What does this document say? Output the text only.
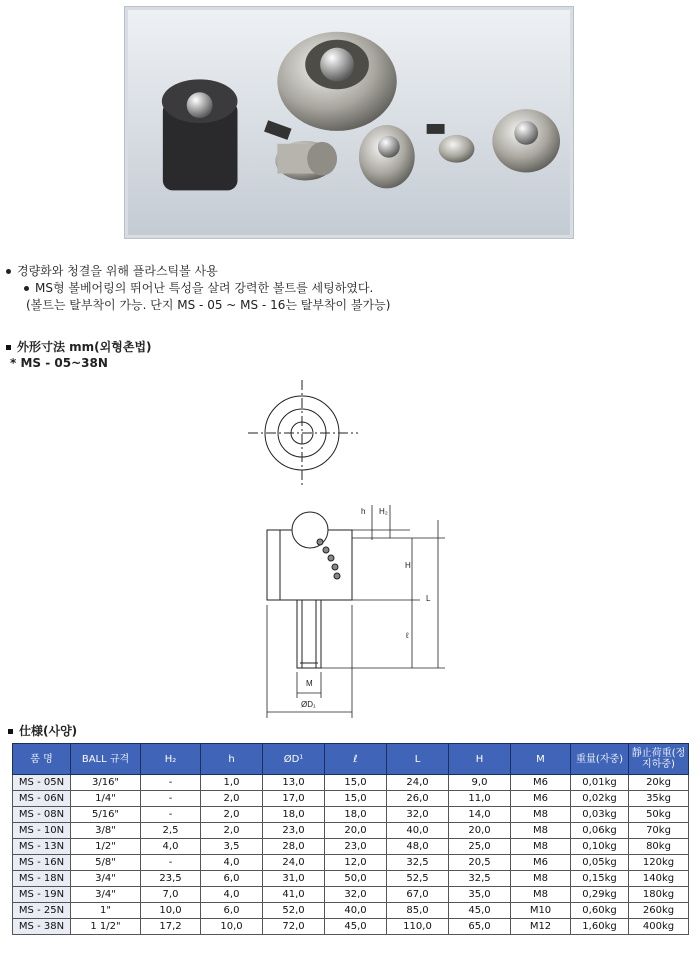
경량화와 청결을 위해 플라스틱볼 사용
MS형 볼베어링의 뛰어난 특성을 살려 강력한 볼트를 세팅하였다.
(볼트는 탈부착이 가능. 단지 MS - 05 ~ MS - 16는 탈부착이 불가능)
外形寸法 mm(외형촌법)
* MS - 05~38N
h H₂
H
L
ℓ
M
ØD₁
仕様(사양)
품 명	BALL 규격	H₂	h	ØD¹	ℓ	L	H	M	重量(자중)	靜止荷重(정지하중)
MS - 05N	3/16"	-	1,0	13,0	15,0	24,0	9,0	M6	0,01kg	20kg
MS - 06N	1/4"	-	2,0	17,0	15,0	26,0	11,0	M6	0,02kg	35kg
MS - 08N	5/16"	-	2,0	18,0	18,0	32,0	14,0	M8	0,03kg	50kg
MS - 10N	3/8"	2,5	2,0	23,0	20,0	40,0	20,0	M8	0,06kg	70kg
MS - 13N	1/2"	4,0	3,5	28,0	23,0	48,0	25,0	M8	0,10kg	80kg
MS - 16N	5/8"	-	4,0	24,0	12,0	32,5	20,5	M6	0,05kg	120kg
MS - 18N	3/4"	23,5	6,0	31,0	50,0	52,5	32,5	M8	0,15kg	140kg
MS - 19N	3/4"	7,0	4,0	41,0	32,0	67,0	35,0	M8	0,29kg	180kg
MS - 25N	1"	10,0	6,0	52,0	40,0	85,0	45,0	M10	0,60kg	260kg
MS - 38N	1 1/2"	17,2	10,0	72,0	45,0	110,0	65,0	M12	1,60kg	400kg
